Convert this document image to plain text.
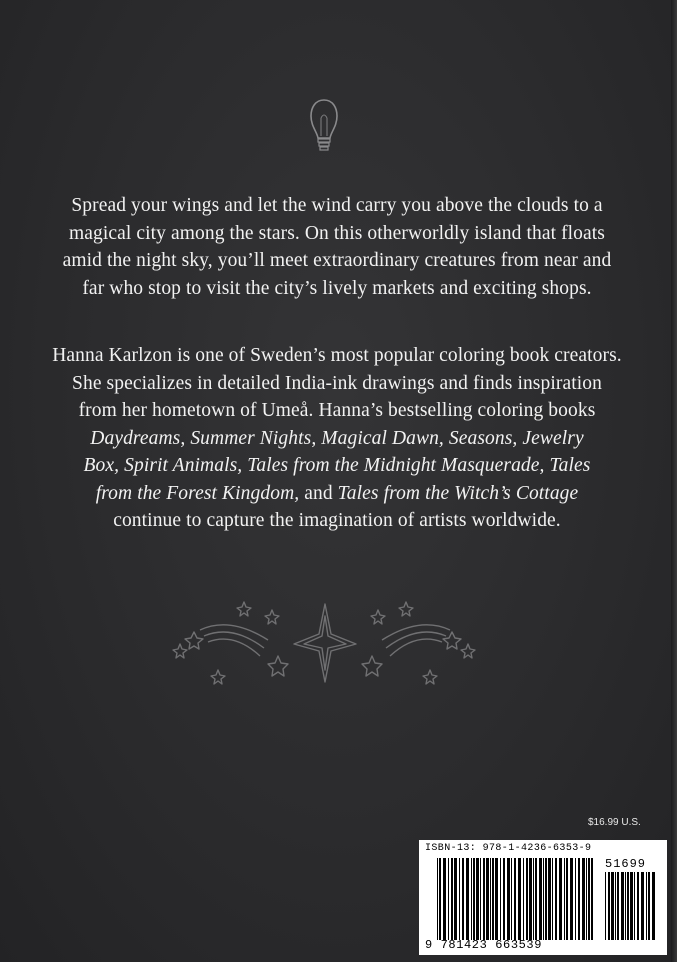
Spread your wings and let the wind carry you above the clouds to a

magical city among the stars. On this otherworldly island that floats

amid the night sky, you’ll meet extraordinary creatures from near and

far who stop to visit the city’s lively markets and exciting shops.

Hanna Karlzon is one of Sweden’s most popular coloring book creators.

She specializes in detailed India-ink drawings and finds inspiration

from her hometown of Umeå. Hanna’s bestselling coloring books

Daydreams, Summer Nights, Magical Dawn, Seasons, Jewelry

Box, Spirit Animals, Tales from the Midnight Masquerade, Tales

from the Forest Kingdom, and Tales from the Witch’s Cottage

continue to capture the imagination of artists worldwide.

$16.99 U.S.
ISBN-13: 978-1-4236-6353-9
51699
9 781423 663539
